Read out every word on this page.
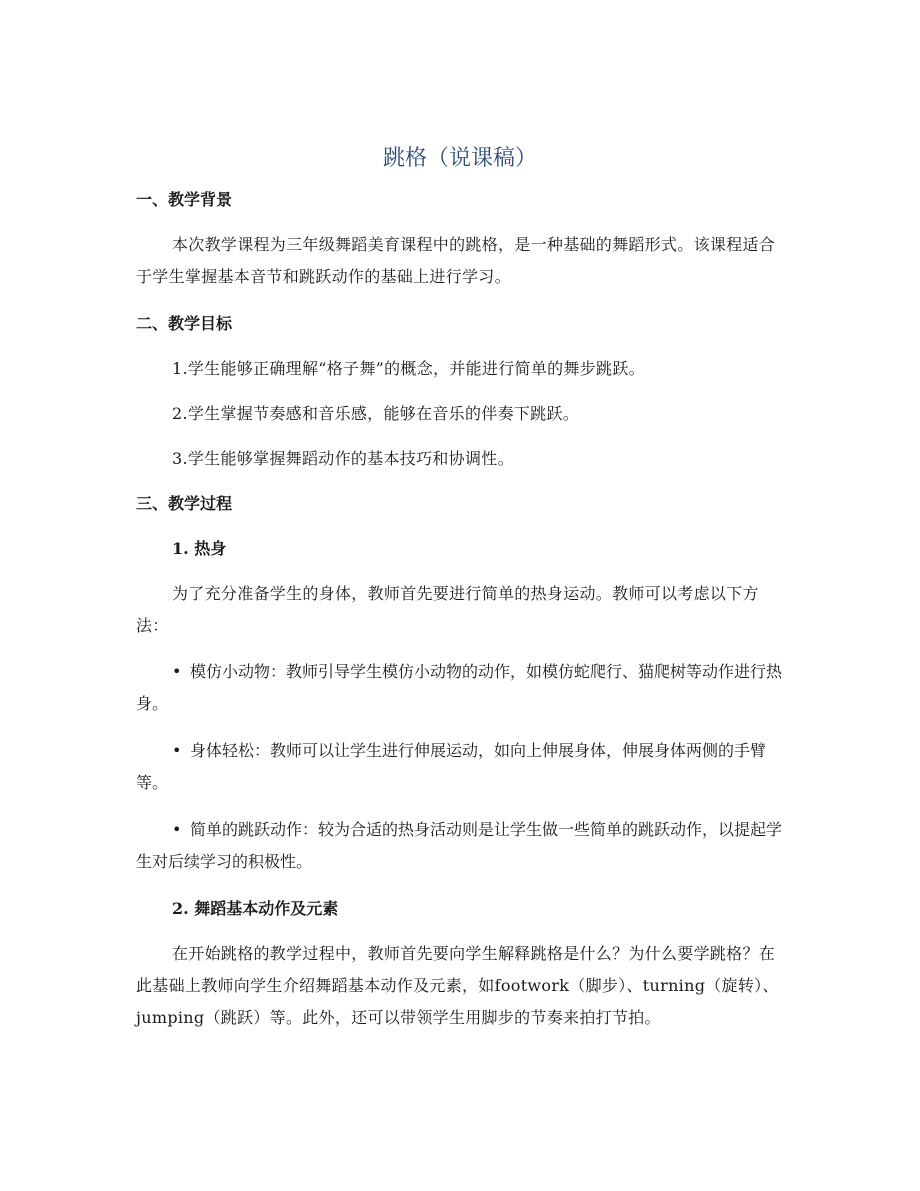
跳格（说课稿）
一、教学背景
本次教学课程为三年级舞蹈美育课程中的跳格，是一种基础的舞蹈形式。该课程适合于学生掌握基本音节和跳跃动作的基础上进行学习。
二、教学目标
1.学生能够正确理解“格子舞”的概念，并能进行简单的舞步跳跃。
2.学生掌握节奏感和音乐感，能够在音乐的伴奏下跳跃。
3.学生能够掌握舞蹈动作的基本技巧和协调性。
三、教学过程
1. 热身
为了充分准备学生的身体，教师首先要进行简单的热身运动。教师可以考虑以下方法：
• 模仿小动物：教师引导学生模仿小动物的动作，如模仿蛇爬行、猫爬树等动作进行热身。
• 身体轻松：教师可以让学生进行伸展运动，如向上伸展身体，伸展身体两侧的手臂等。
• 简单的跳跃动作：较为合适的热身活动则是让学生做一些简单的跳跃动作，以提起学生对后续学习的积极性。
2. 舞蹈基本动作及元素
在开始跳格的教学过程中，教师首先要向学生解释跳格是什么？为什么要学跳格？在此基础上教师向学生介绍舞蹈基本动作及元素，如footwork（脚步）、turning（旋转）、jumping（跳跃）等。此外，还可以带领学生用脚步的节奏来拍打节拍。
